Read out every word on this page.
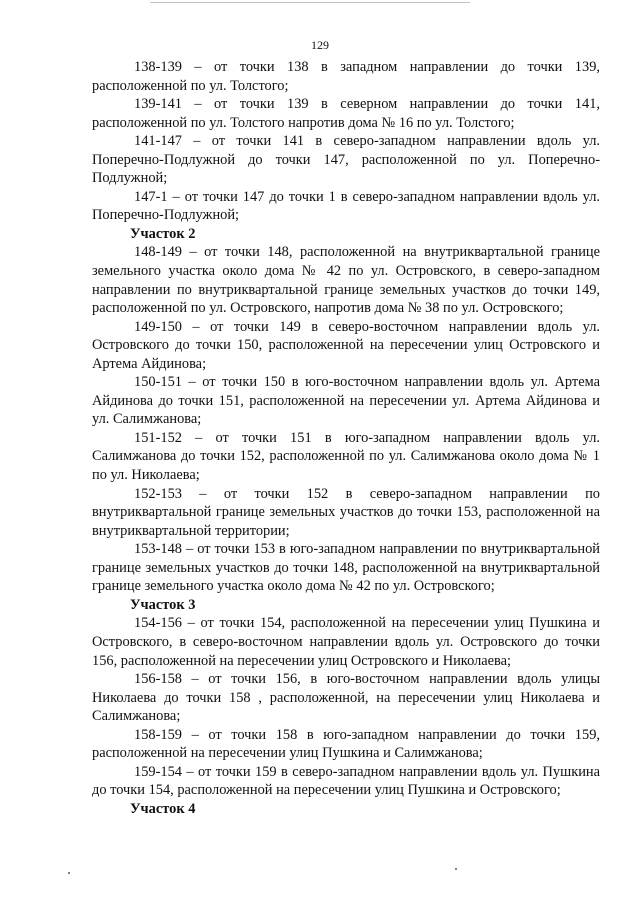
129

138-139 – от точки 138 в западном направлении до точки 139, расположенной по ул. Толстого;

139-141 – от точки 139 в северном направлении до точки 141, расположенной по ул. Толстого напротив дома № 16 по ул. Толстого;

141-147 – от точки 141 в северо-западном направлении вдоль ул. Поперечно-Подлужной до точки 147, расположенной по ул. Поперечно-Подлужной;

147-1 – от точки 147 до точки 1 в северо-западном направлении вдоль ул. Поперечно-Подлужной;

Участок 2

148-149 – от точки 148, расположенной на внутриквартальной границе земельного участка около дома № 42 по ул. Островского, в северо-западном направлении по внутриквартальной границе земельных участков до точки 149, расположенной по ул. Островского, напротив дома № 38 по ул. Островского;

149-150 – от точки 149 в северо-восточном направлении вдоль ул. Островского до точки 150, расположенной на пересечении улиц Островского и Артема Айдинова;

150-151 – от точки 150 в юго-восточном направлении вдоль ул. Артема Айдинова до точки 151, расположенной на пересечении ул. Артема Айдинова и ул. Салимжанова;

151-152 – от точки 151 в юго-западном направлении вдоль ул. Салимжанова до точки 152, расположенной по ул. Салимжанова около дома № 1 по ул. Николаева;

152-153 – от точки 152 в северо-западном направлении по внутриквартальной границе земельных участков до точки 153, расположенной на внутриквартальной территории;

153-148 – от точки 153 в юго-западном направлении по внутриквартальной границе земельных участков до точки 148, расположенной на внутриквартальной границе земельного участка около дома № 42 по ул. Островского;

Участок 3

154-156 – от точки 154, расположенной на пересечении улиц Пушкина и Островского, в северо-восточном направлении вдоль ул. Островского до точки 156, расположенной на пересечении улиц Островского и Николаева;

156-158 – от точки 156, в юго-восточном направлении вдоль улицы Николаева до точки 158 , расположенной, на пересечении улиц Николаева и Салимжанова;

158-159 – от точки 158 в юго-западном направлении до точки 159, расположенной на пересечении улиц Пушкина и Салимжанова;

159-154 – от точки 159 в северо-западном направлении вдоль ул. Пушкина до точки 154, расположенной на пересечении улиц Пушкина и Островского;

Участок 4
